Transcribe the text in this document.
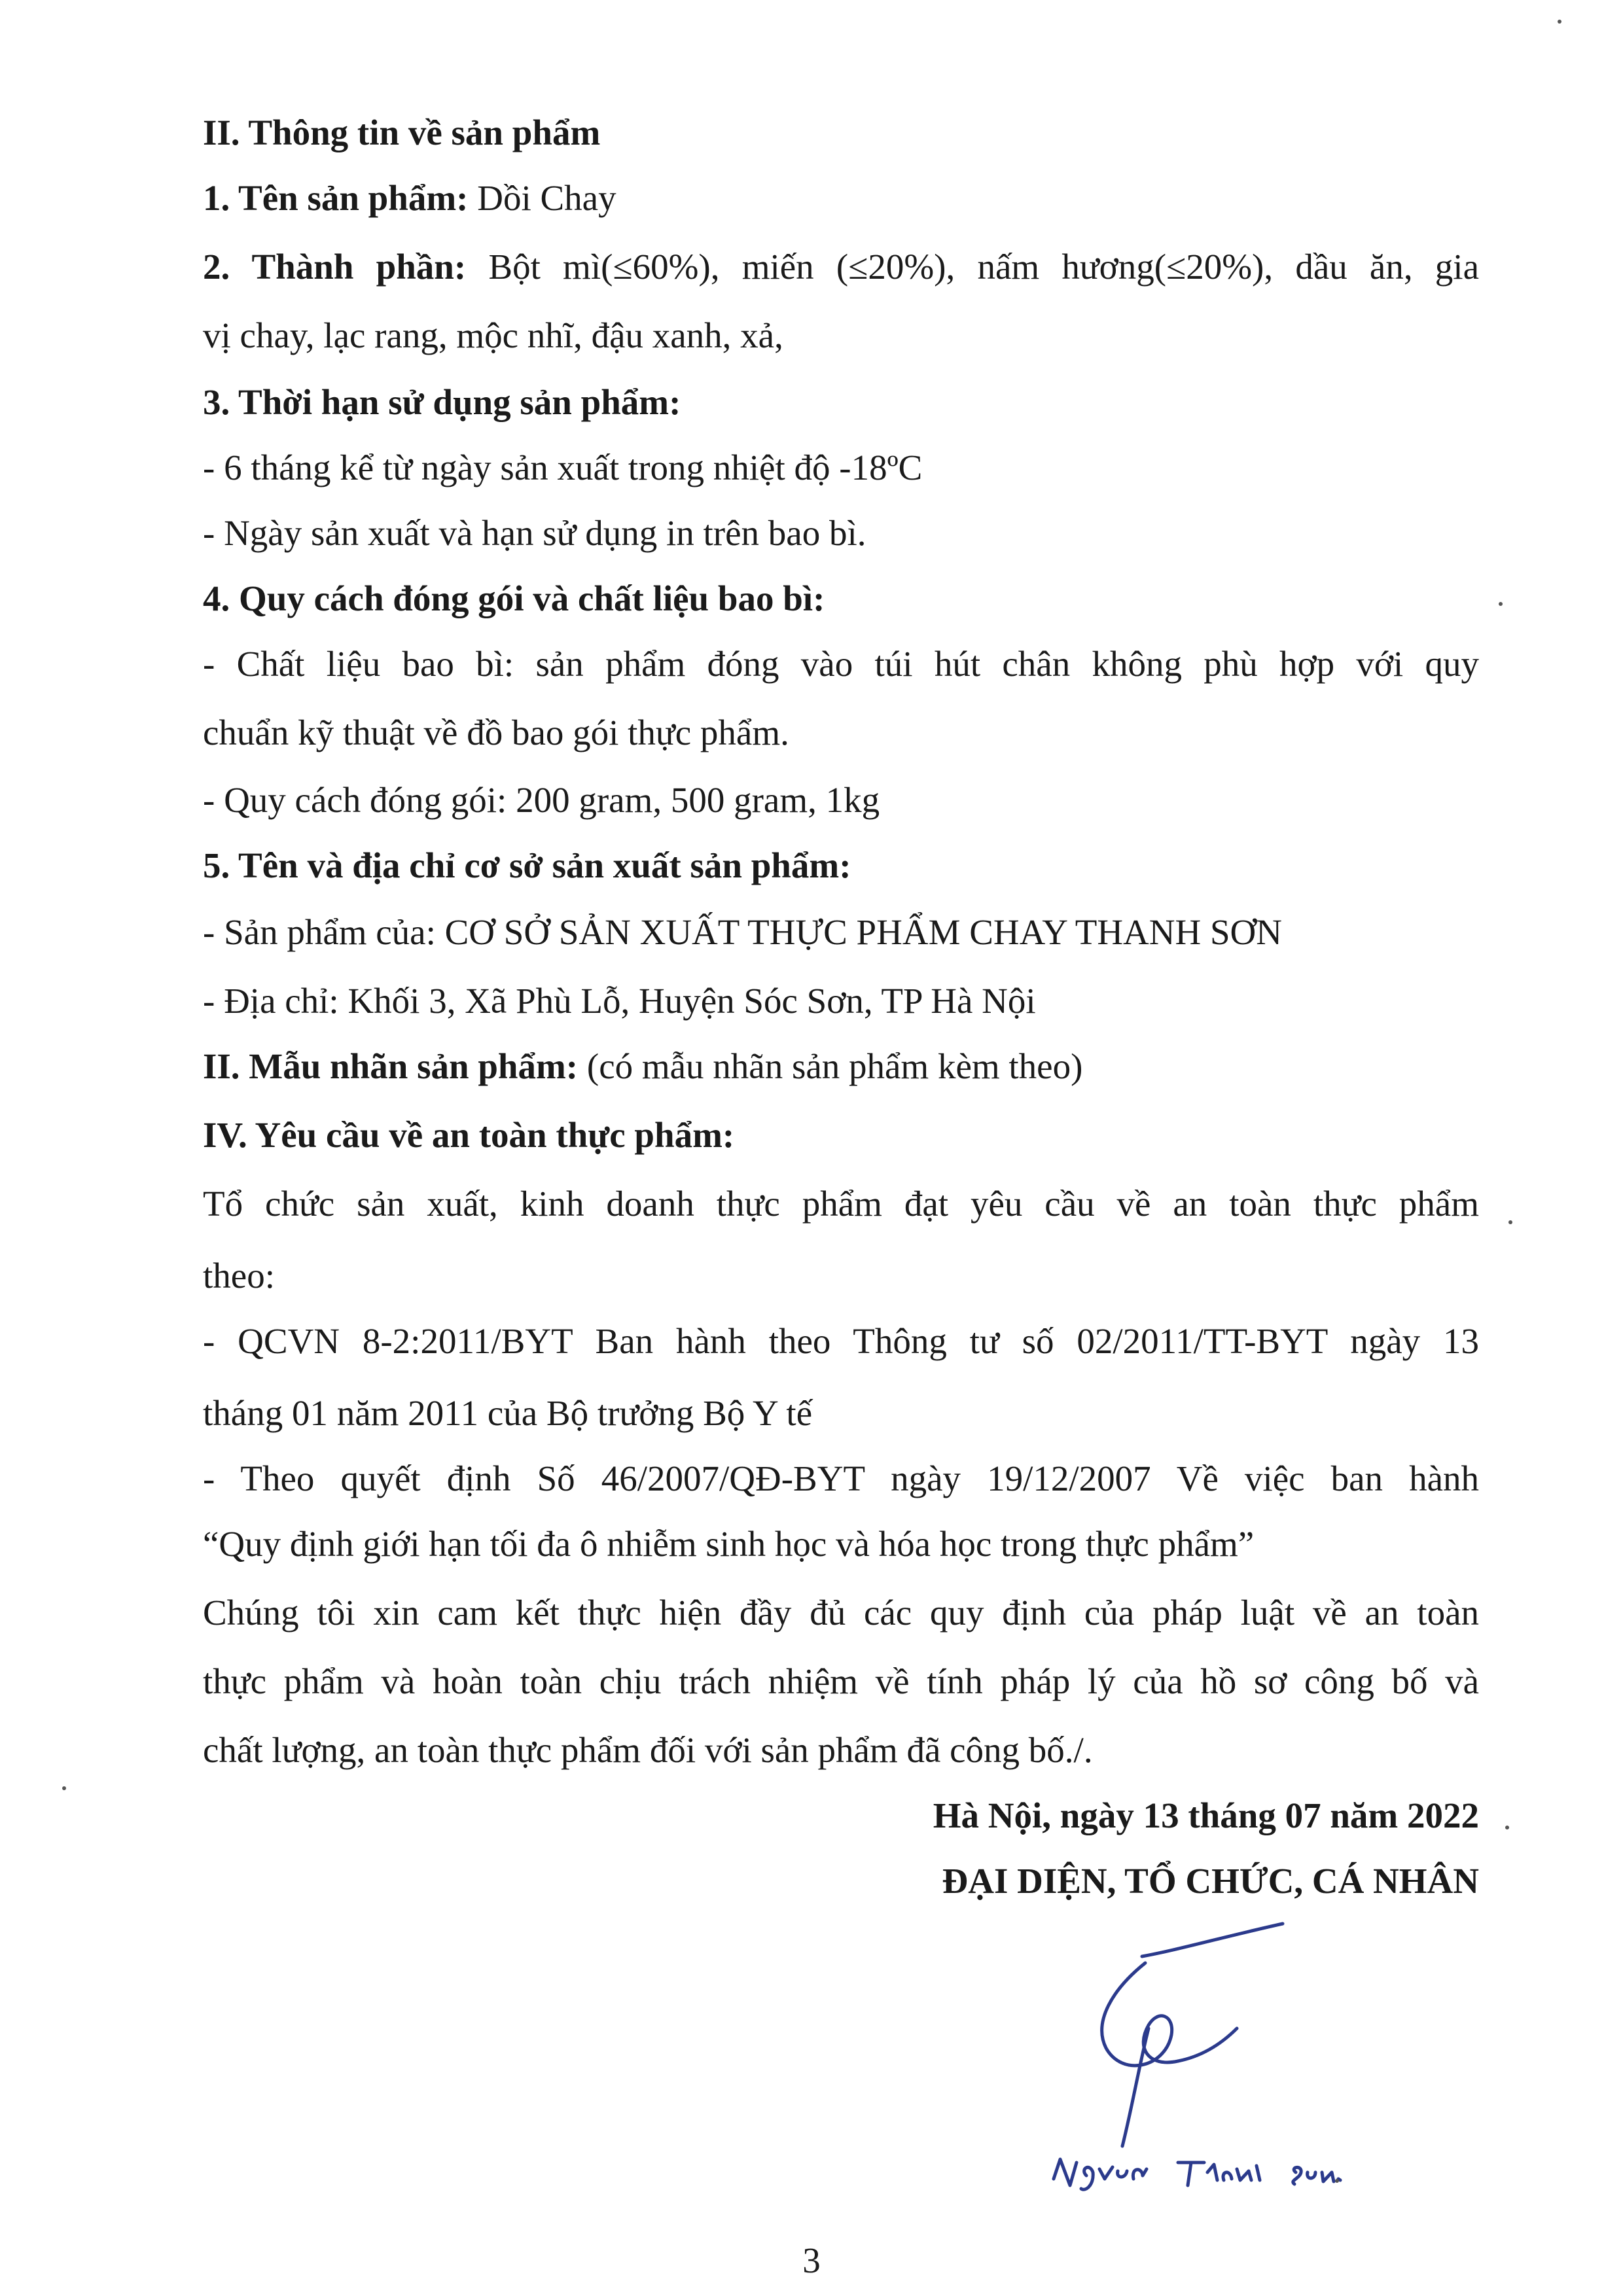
II. Thông tin về sản phẩm
1. Tên sản phẩm: Dồi Chay
2. Thành phần: Bột mì(≤60%), miến (≤20%), nấm hương(≤20%), dầu ăn, gia
vị chay, lạc rang, mộc nhĩ, đậu xanh, xả,
3. Thời hạn sử dụng sản phẩm:
- 6 tháng kể từ ngày sản xuất trong nhiệt độ -18ºC
- Ngày sản xuất và hạn sử dụng in trên bao bì.
4. Quy cách đóng gói và chất liệu bao bì:
- Chất liệu bao bì: sản phẩm đóng vào túi hút chân không phù hợp với quy
chuẩn kỹ thuật về đồ bao gói thực phẩm.
- Quy cách đóng gói: 200 gram, 500 gram, 1kg
5. Tên và địa chỉ cơ sở sản xuất sản phẩm:
- Sản phẩm của: CƠ SỞ SẢN XUẤT THỰC PHẨM CHAY THANH SƠN
- Địa chỉ: Khối 3, Xã Phù Lỗ, Huyện Sóc Sơn, TP Hà Nội
II. Mẫu nhãn sản phẩm: (có mẫu nhãn sản phẩm kèm theo)
IV. Yêu cầu về an toàn thực phẩm:
Tổ chức sản xuất, kinh doanh thực phẩm đạt yêu cầu về an toàn thực phẩm
theo:
- QCVN 8-2:2011/BYT Ban hành theo Thông tư số 02/2011/TT-BYT ngày 13
tháng 01 năm 2011 của Bộ trưởng Bộ Y tế
- Theo quyết định Số 46/2007/QĐ-BYT ngày 19/12/2007 Về việc ban hành
“Quy định giới hạn tối đa ô nhiễm sinh học và hóa học trong thực phẩm”
Chúng tôi xin cam kết thực hiện đầy đủ các quy định của pháp luật về an toàn
thực phẩm và hoàn toàn chịu trách nhiệm về tính pháp lý của hồ sơ công bố và
chất lượng, an toàn thực phẩm đối với sản phẩm đã công bố./.
Hà Nội, ngày 13 tháng 07 năm 2022
ĐẠI DIỆN, TỔ CHỨC, CÁ NHÂN
3
